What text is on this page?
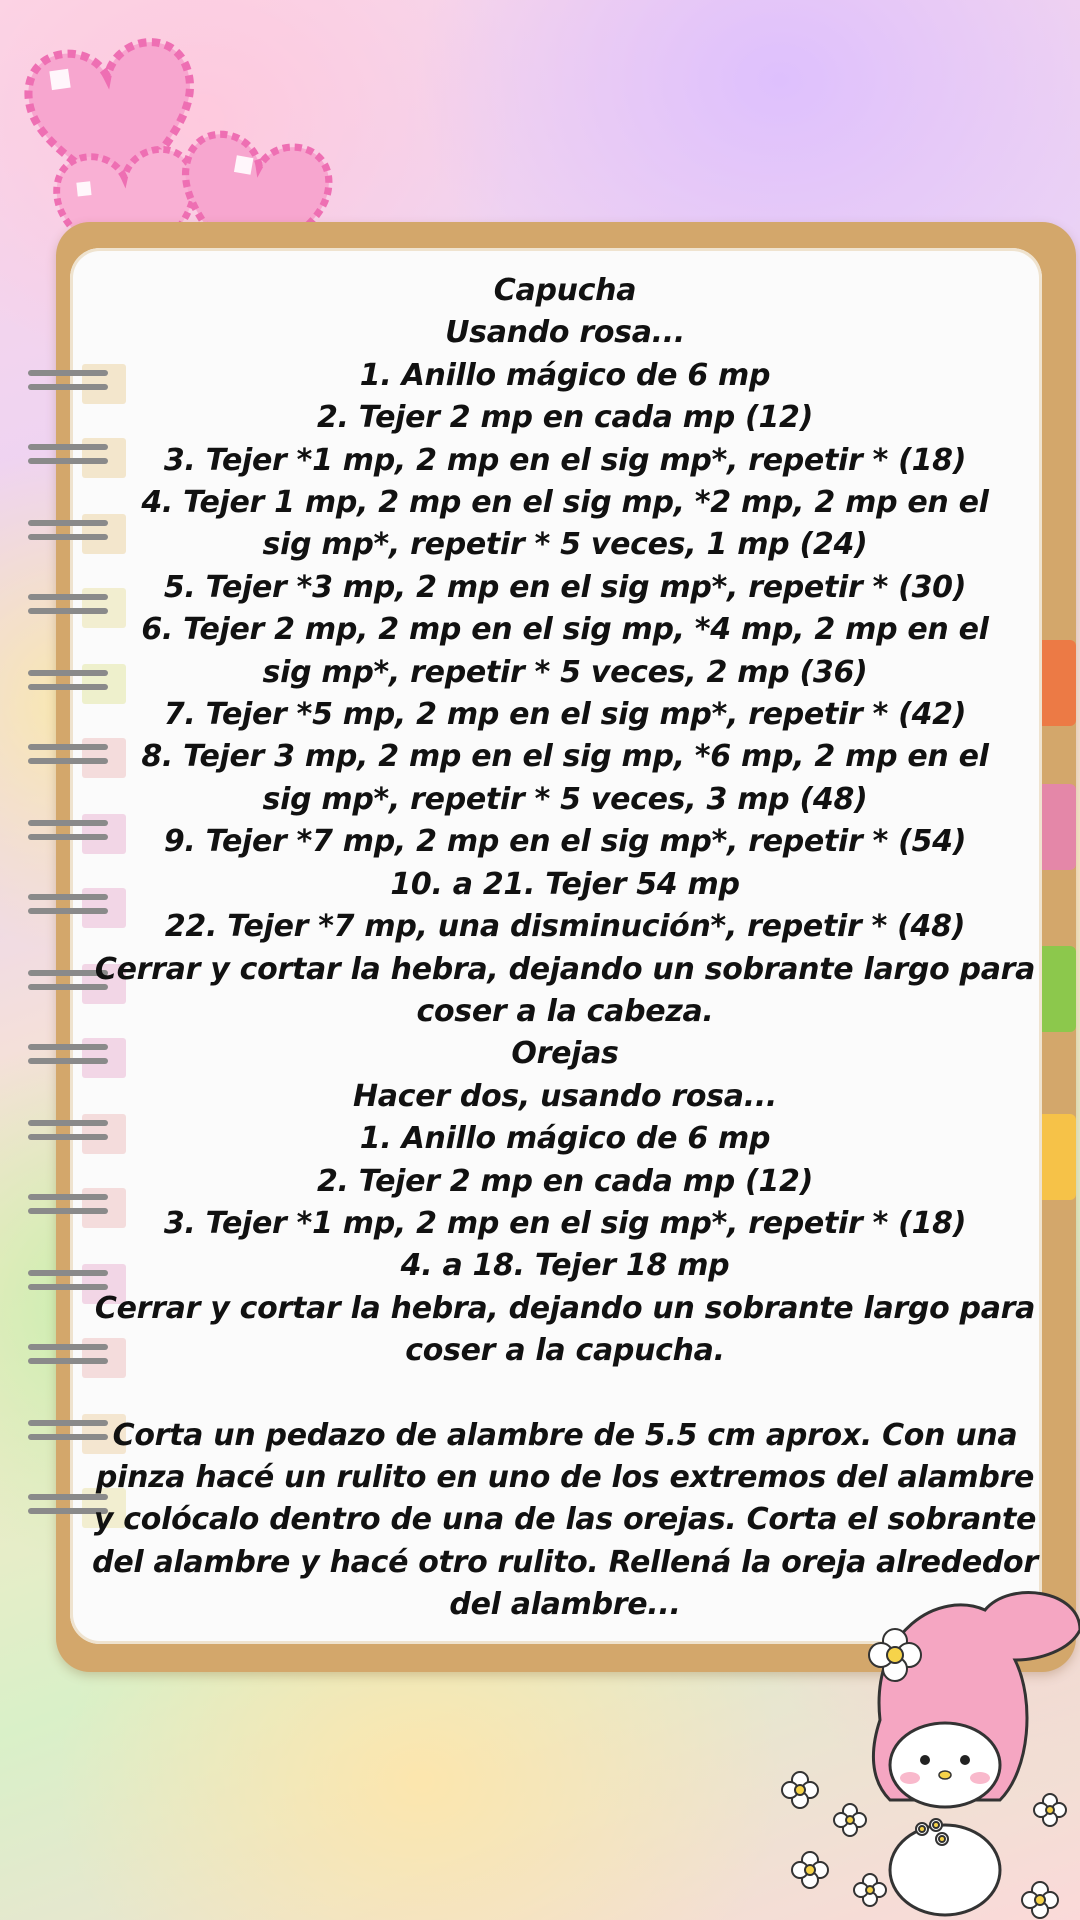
Capucha

Usando rosa...

1. Anillo mágico de 6 mp

2. Tejer 2 mp en cada mp (12)

3. Tejer *1 mp, 2 mp en el sig mp*, repetir * (18)

4. Tejer 1 mp, 2 mp en el sig mp, *2 mp, 2 mp en el sig mp*, repetir * 5 veces, 1 mp (24)

5. Tejer *3 mp, 2 mp en el sig mp*, repetir * (30)

6. Tejer 2 mp, 2 mp en el sig mp, *4 mp, 2 mp en el sig mp*, repetir * 5 veces, 2 mp (36)

7. Tejer *5 mp, 2 mp en el sig mp*, repetir * (42)

8. Tejer 3 mp, 2 mp en el sig mp, *6 mp, 2 mp en el sig mp*, repetir * 5 veces, 3 mp (48)

9. Tejer *7 mp, 2 mp en el sig mp*, repetir * (54)

10. a 21. Tejer 54 mp

22. Tejer *7 mp, una disminución*, repetir * (48)

Cerrar y cortar la hebra, dejando un sobrante largo para coser a la cabeza.

Orejas

Hacer dos, usando rosa...

1. Anillo mágico de 6 mp

2. Tejer 2 mp en cada mp (12)

3. Tejer *1 mp, 2 mp en el sig mp*, repetir * (18)

4. a 18. Tejer 18 mp

Cerrar y cortar la hebra, dejando un sobrante largo para coser a la capucha.

Corta un pedazo de alambre de 5.5 cm aprox. Con una pinza hacé un rulito en uno de los extremos del alambre y colócalo dentro de una de las orejas. Corta el sobrante del alambre y hacé otro rulito. Rellená la oreja alrededor del alambre...
